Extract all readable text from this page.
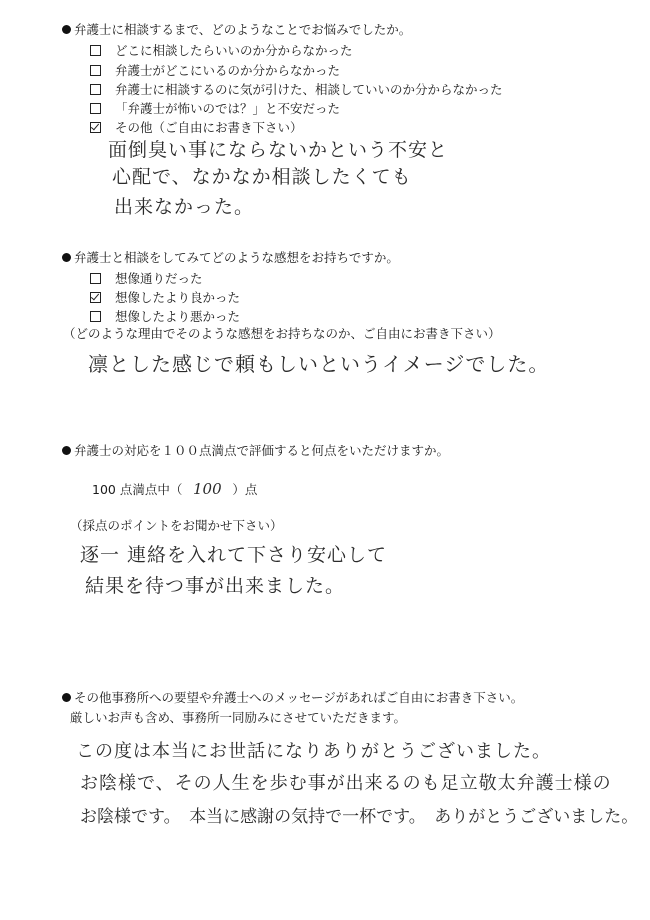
弁護士に相談するまで、どのようなことでお悩みでしたか。
どこに相談したらいいのか分からなかった
弁護士がどこにいるのか分からなかった
弁護士に相談するのに気が引けた、相談していいのか分からなかった
「弁護士が怖いのでは？」と不安だった
その他（ご自由にお書き下さい）
面倒臭い事にならないかという不安と
心配で、なかなか相談したくても
出来なかった。
弁護士と相談をしてみてどのような感想をお持ちですか。
想像通りだった
想像したより良かった
想像したより悪かった
（どのような理由でそのような感想をお持ちなのか、ご自由にお書き下さい）
凛とした感じで頼もしいというイメージでした。
弁護士の対応を１００点満点で評価すると何点をいただけますか。
100 点満点中（ 100 ）点
（採点のポイントをお聞かせ下さい）
逐一 連絡を入れて下さり安心して
結果を待つ事が出来ました。
その他事務所への要望や弁護士へのメッセージがあればご自由にお書き下さい。
厳しいお声も含め、事務所一同励みにさせていただきます。
この度は本当にお世話になりありがとうございました。
お陰様で、その人生を歩む事が出来るのも足立敬太弁護士様の
お陰様です。　本当に感謝の気持で一杯です。　ありがとうございました。
